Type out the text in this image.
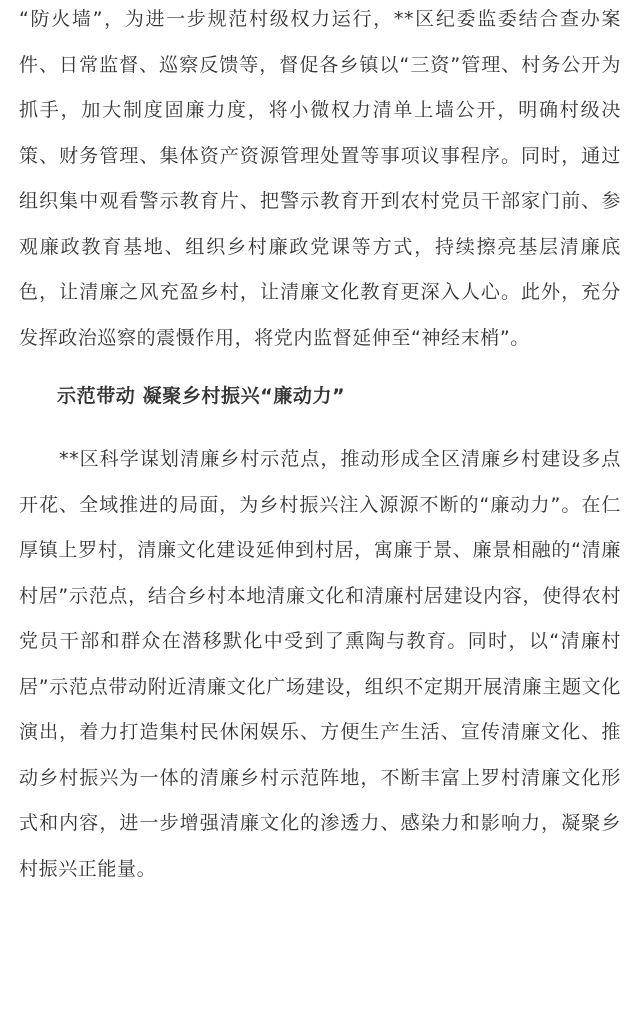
“防火墙”，为进一步规范村级权力运行，**区纪委监委结合查办案件、日常监督、巡察反馈等，督促各乡镇以“三资”管理、村务公开为抓手，加大制度固廉力度，将小微权力清单上墙公开，明确村级决策、财务管理、集体资产资源管理处置等事项议事程序。同时，通过组织集中观看警示教育片、把警示教育开到农村党员干部家门前、参观廉政教育基地、组织乡村廉政党课等方式，持续擦亮基层清廉底色，让清廉之风充盈乡村，让清廉文化教育更深入人心。此外，充分发挥政治巡察的震慑作用，将党内监督延伸至“神经末梢”。

示范带动 凝聚乡村振兴“廉动力”

**区科学谋划清廉乡村示范点，推动形成全区清廉乡村建设多点开花、全域推进的局面，为乡村振兴注入源源不断的“廉动力”。在仁厚镇上罗村，清廉文化建设延伸到村居，寓廉于景、廉景相融的“清廉村居”示范点，结合乡村本地清廉文化和清廉村居建设内容，使得农村党员干部和群众在潜移默化中受到了熏陶与教育。同时，以“清廉村居”示范点带动附近清廉文化广场建设，组织不定期开展清廉主题文化演出，着力打造集村民休闲娱乐、方便生产生活、宣传清廉文化、推动乡村振兴为一体的清廉乡村示范阵地，不断丰富上罗村清廉文化形式和内容，进一步增强清廉文化的渗透力、感染力和影响力，凝聚乡村振兴正能量。
